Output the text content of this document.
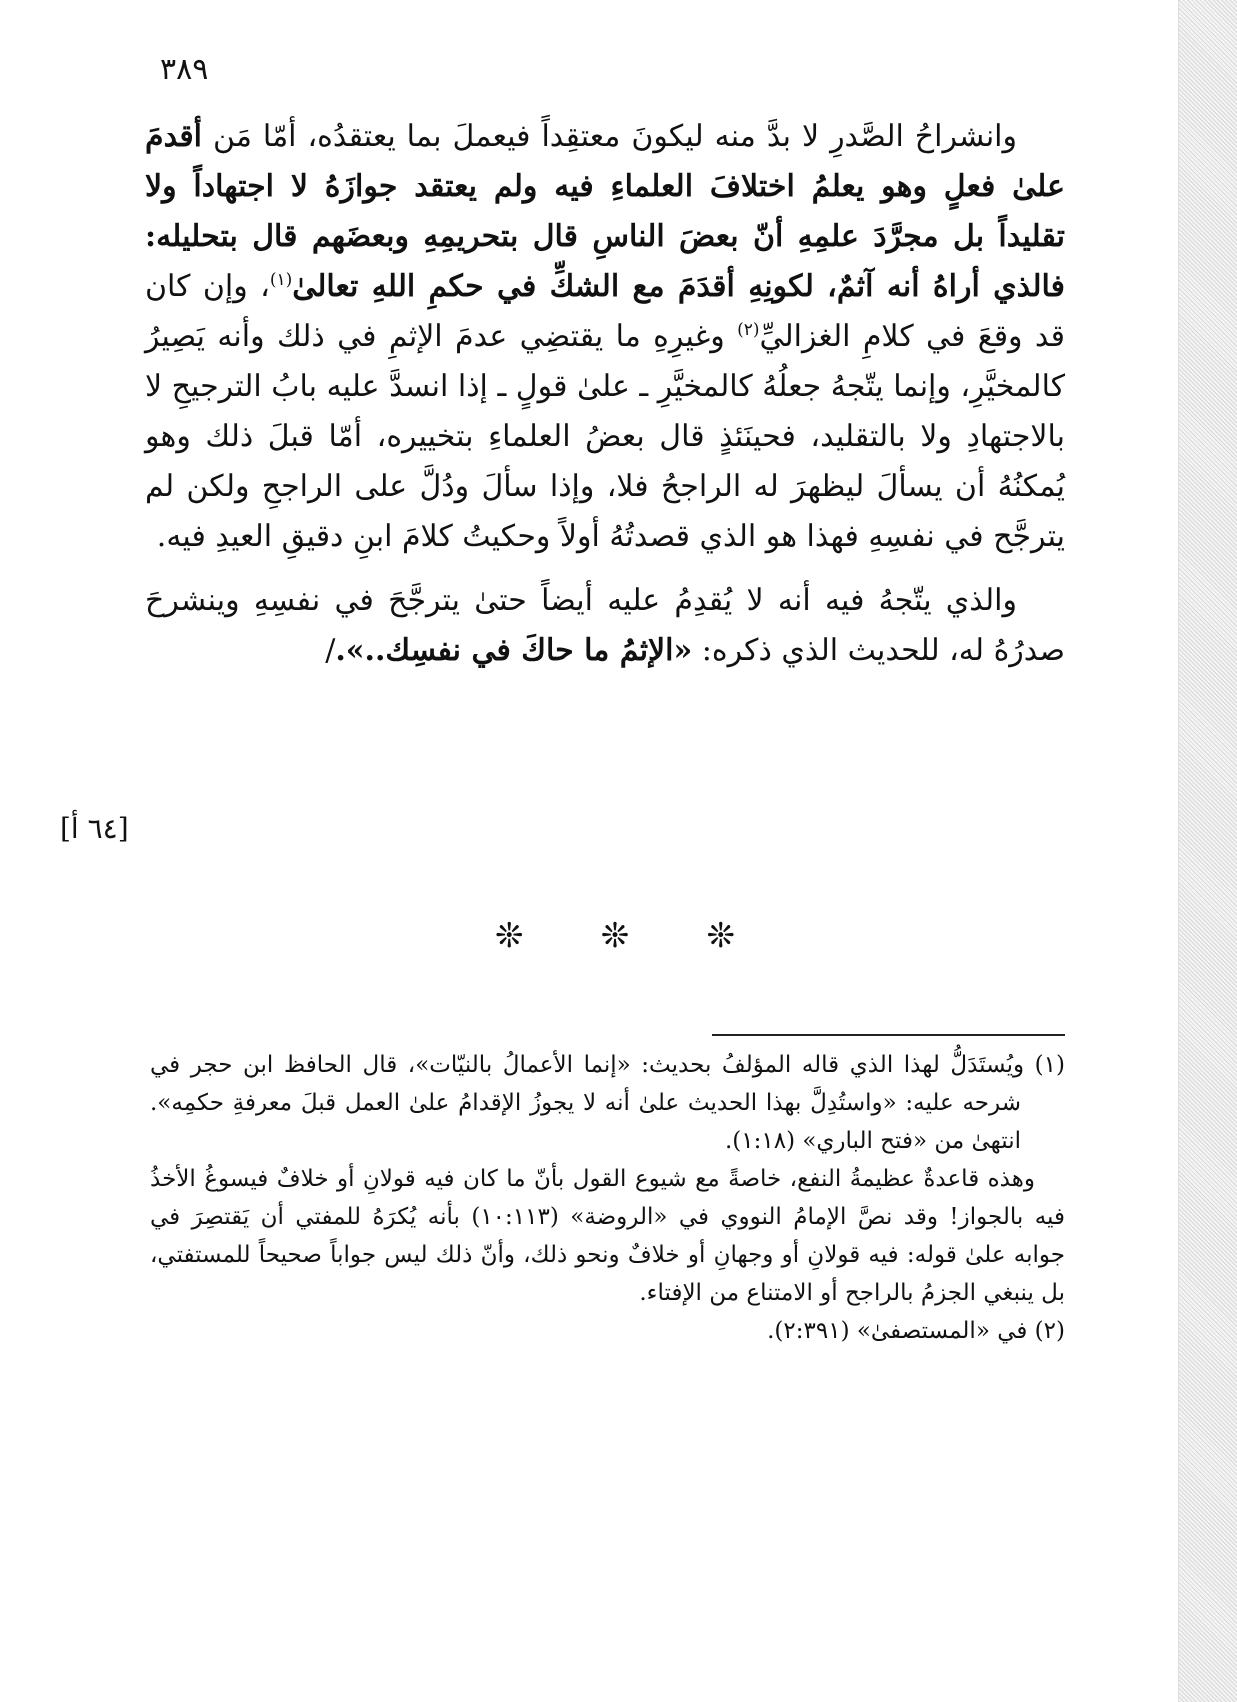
٣٨٩

وانشراحُ الصَّدرِ لا بدَّ منه ليكونَ معتقِداً فيعملَ بما يعتقدُه، أمّا مَن أقدمَ علىٰ فعلٍ وهو يعلمُ اختلافَ العلماءِ فيه ولم يعتقد جوازَهُ لا اجتهاداً ولا تقليداً بل مجرَّدَ علمِهِ أنّ بعضَ الناسِ قال بتحريمِهِ وبعضَهم قال بتحليله: فالذي أراهُ أنه آثمٌ، لكونِهِ أقدَمَ مع الشكِّ في حكمِ اللهِ تعالىٰ$^{(١)}$، وإن كان قد وقعَ في كلامِ الغزاليِّ$^{(٢)}$ وغيرِهِ ما يقتضِي عدمَ الإثمِ في ذلك وأنه يَصِيرُ كالمخيَّرِ، وإنما يتّجهُ جعلُهُ كالمخيَّرِ ـ علىٰ قولٍ ـ إذا انسدَّ عليه بابُ الترجيحِ لا بالاجتهادِ ولا بالتقليد، فحينَئذٍ قال بعضُ العلماءِ بتخييره، أمّا قبلَ ذلك وهو يُمكنُهُ أن يسألَ ليظهرَ له الراجحُ فلا، وإذا سألَ ودُلَّ على الراجحِ ولكن لم يترجَّح في نفسِهِ فهذا هو الذي قصدتُهُ أولاً وحكيتُ كلامَ ابنِ دقيقِ العيدِ فيه.

والذي يتّجهُ فيه أنه لا يُقدِمُ عليه أيضاً حتىٰ يترجَّحَ في نفسِهِ وينشرحَ صدرُهُ له، للحديث الذي ذكره: «الإثمُ ما حاكَ في نفسِك..»./

[٦٤ أ]
❊ ❊ ❊

(١) ويُستَدَلُّ لهذا الذي قاله المؤلفُ بحديث: «إنما الأعمالُ بالنيّات»، قال الحافظ ابن حجر في شرحه عليه: «واستُدِلَّ بهذا الحديث علىٰ أنه لا يجوزُ الإقدامُ علىٰ العمل قبلَ معرفةِ حكمِه». انتهىٰ من «فتح الباري» (١:١٨).

وهذه قاعدةٌ عظيمةُ النفع، خاصةً مع شيوع القول بأنّ ما كان فيه قولانِ أو خلافٌ فيسوغُ الأخذُ فيه بالجواز! وقد نصَّ الإمامُ النووي في «الروضة» (١٠:١١٣) بأنه يُكرَهُ للمفتي أن يَقتصِرَ في جوابه علىٰ قوله: فيه قولانِ أو وجهانِ أو خلافٌ ونحو ذلك، وأنّ ذلك ليس جواباً صحيحاً للمستفتي، بل ينبغي الجزمُ بالراجح أو الامتناع من الإفتاء.

(٢) في «المستصفىٰ» (٢:٣٩١).
